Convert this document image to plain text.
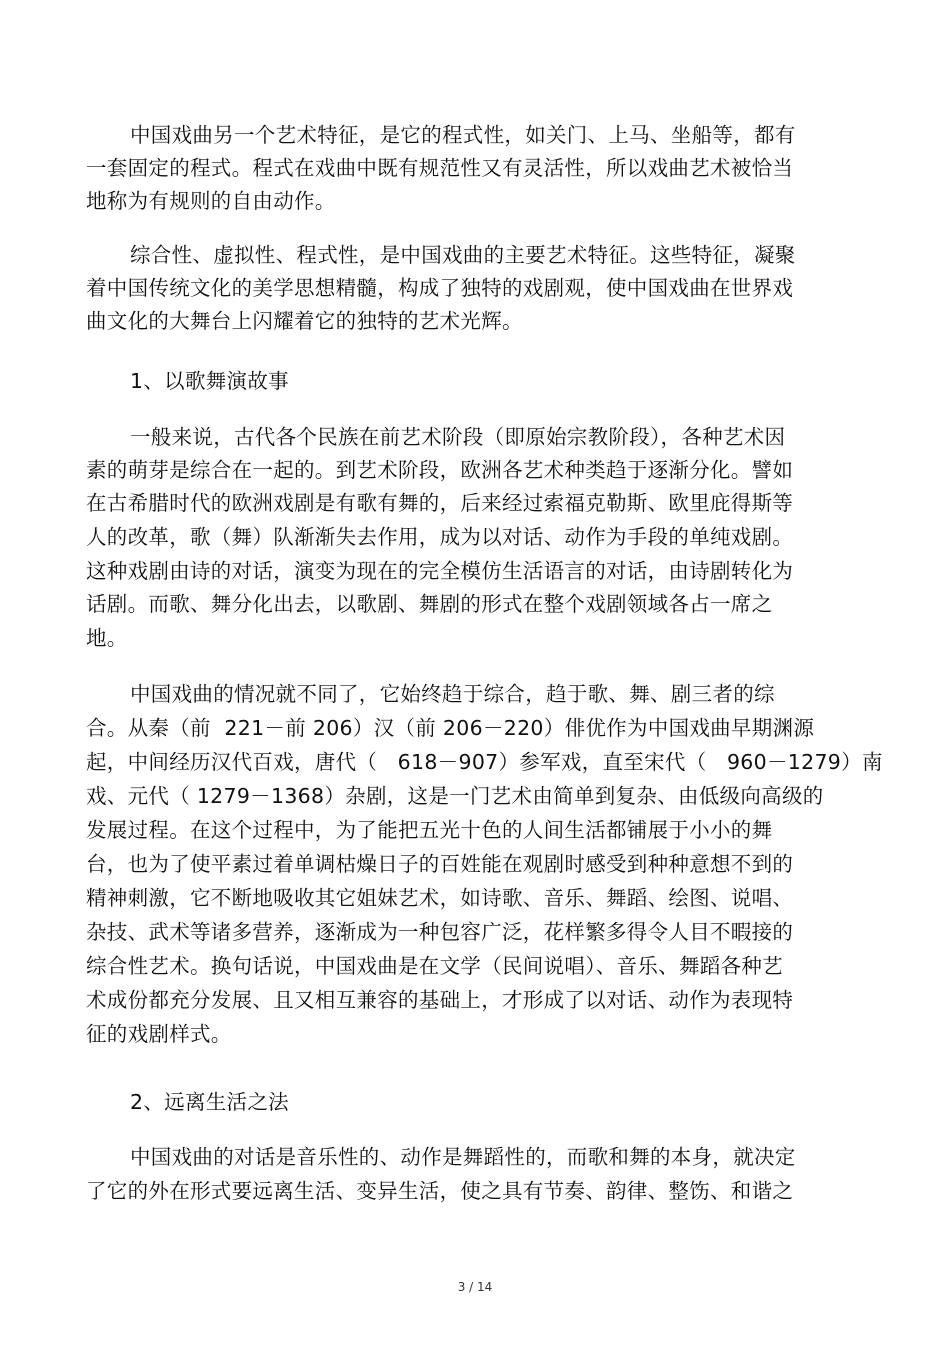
中国戏曲另一个艺术特征，是它的程式性，如关门、上马、坐船等，都有
一套固定的程式。程式在戏曲中既有规范性又有灵活性，所以戏曲艺术被恰当
地称为有规则的自由动作。
综合性、虚拟性、程式性，是中国戏曲的主要艺术特征。这些特征，凝聚
着中国传统文化的美学思想精髓，构成了独特的戏剧观，使中国戏曲在世界戏
曲文化的大舞台上闪耀着它的独特的艺术光辉。
1、以歌舞演故事
一般来说，古代各个民族在前艺术阶段（即原始宗教阶段），各种艺术因
素的萌芽是综合在一起的。到艺术阶段，欧洲各艺术种类趋于逐渐分化。譬如
在古希腊时代的欧洲戏剧是有歌有舞的，后来经过索福克勒斯、欧里庇得斯等
人的改革，歌（舞）队渐渐失去作用，成为以对话、动作为手段的单纯戏剧。
这种戏剧由诗的对话，演变为现在的完全模仿生活语言的对话，由诗剧转化为
话剧。而歌、舞分化出去，以歌剧、舞剧的形式在整个戏剧领域各占一席之
地。
中国戏曲的情况就不同了，它始终趋于综合，趋于歌、舞、剧三者的综
合。从秦（前  221－前 206）汉（前 206－220）俳优作为中国戏曲早期渊源
起，中间经历汉代百戏，唐代（   618－907）参军戏，直至宋代（   960－1279）南
戏、元代（ 1279－1368）杂剧，这是一门艺术由简单到复杂、由低级向高级的
发展过程。在这个过程中，为了能把五光十色的人间生活都铺展于小小的舞
台，也为了使平素过着单调枯燥日子的百姓能在观剧时感受到种种意想不到的
精神刺激，它不断地吸收其它姐妹艺术，如诗歌、音乐、舞蹈、绘图、说唱、
杂技、武术等诸多营养，逐渐成为一种包容广泛，花样繁多得令人目不暇接的
综合性艺术。换句话说，中国戏曲是在文学（民间说唱）、音乐、舞蹈各种艺
术成份都充分发展、且又相互兼容的基础上，才形成了以对话、动作为表现特
征的戏剧样式。
2、远离生活之法
中国戏曲的对话是音乐性的、动作是舞蹈性的，而歌和舞的本身，就决定
了它的外在形式要远离生活、变异生活，使之具有节奏、韵律、整饬、和谐之
3 / 14
